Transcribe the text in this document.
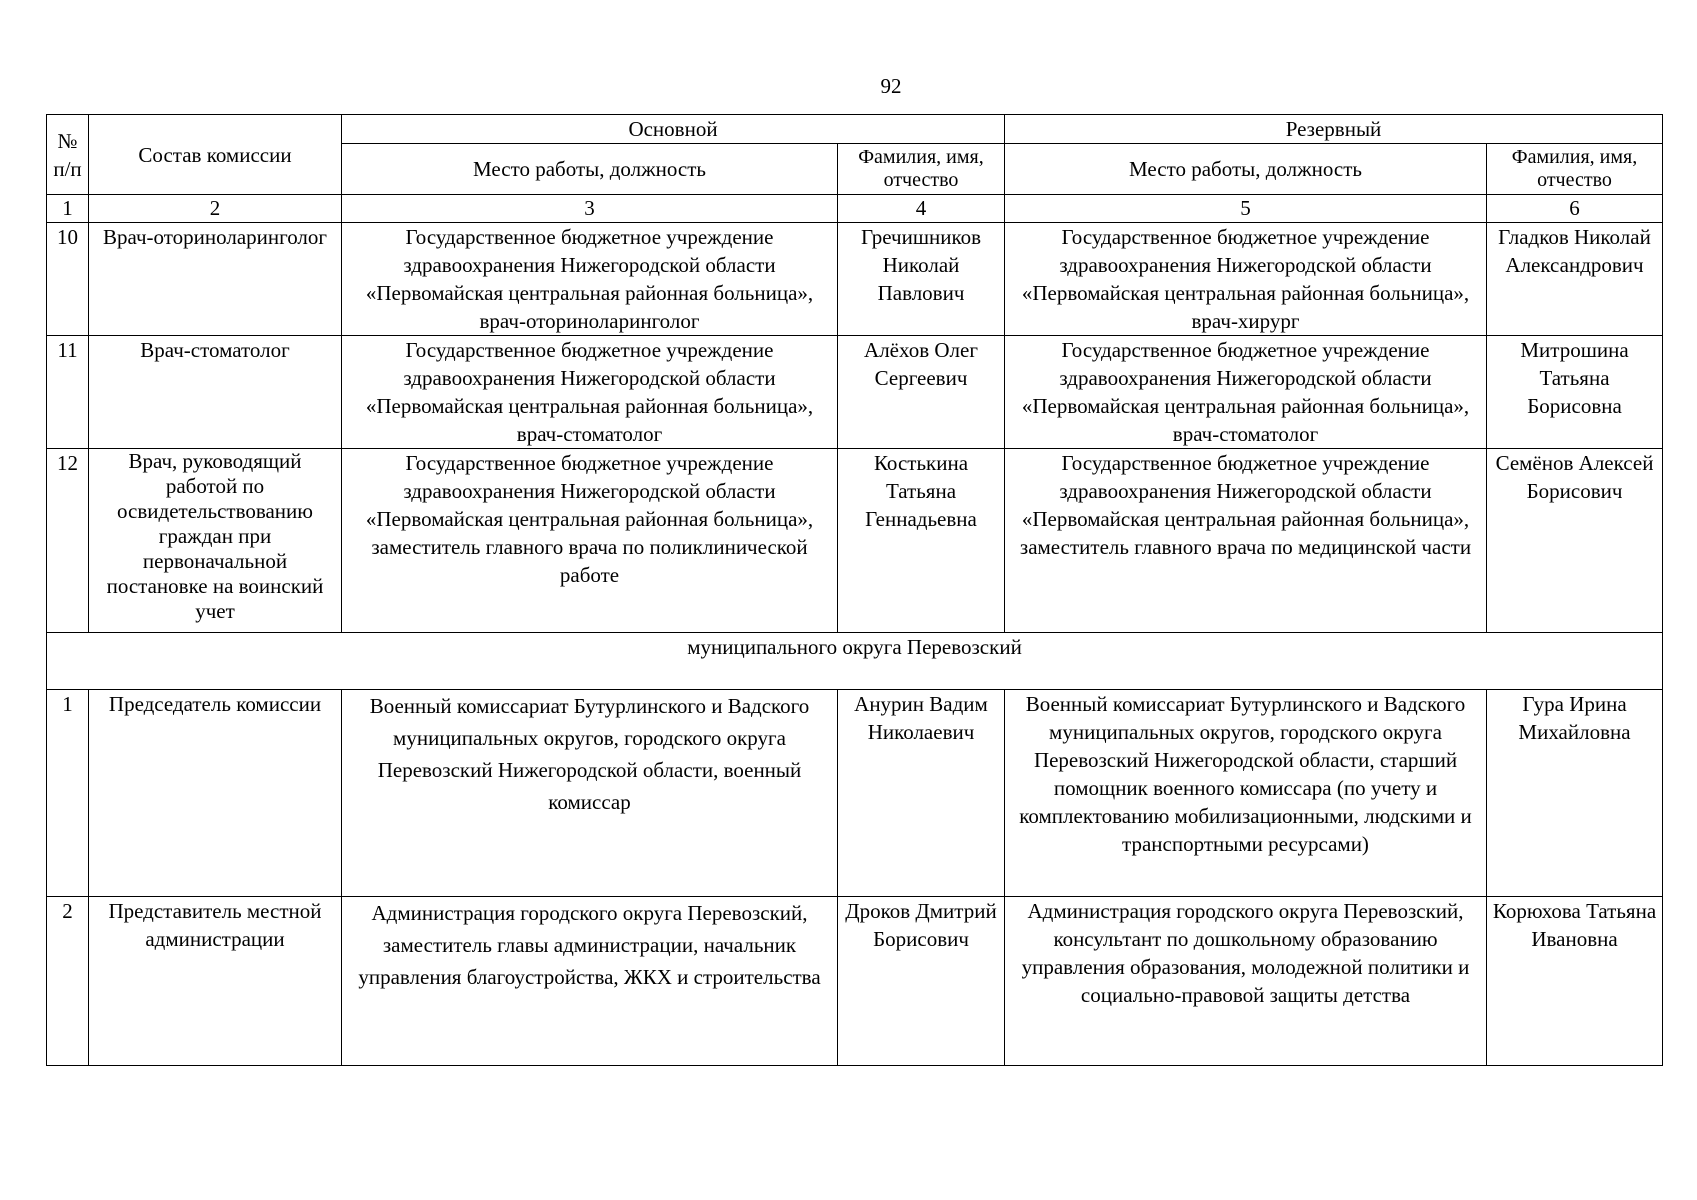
92
№ п/п	Состав комиссии	Основной		Резервный	
		Место работы, должность	Фамилия, имя, отчество	Место работы, должность	Фамилия, имя, отчество

1	2	3	4	5	6
10	Врач-оториноларинголог	Государственное бюджетное учреждение здравоохранения Нижегородской области «Первомайская центральная районная больница», врач-оториноларинголог	Гречишников Николай Павлович	Государственное бюджетное учреждение здравоохранения Нижегородской области «Первомайская центральная районная больница», врач-хирург	Гладков Николай Александрович
11	Врач-стоматолог	Государственное бюджетное учреждение здравоохранения Нижегородской области «Первомайская центральная районная больница», врач-стоматолог	Алёхов Олег Сергеевич	Государственное бюджетное учреждение здравоохранения Нижегородской области «Первомайская центральная районная больница», врач-стоматолог	Митрошина Татьяна Борисовна
12	Врач, руководящий работой по освидетельствованию граждан при первоначальной постановке на воинский учет	Государственное бюджетное учреждение здравоохранения Нижегородской области «Первомайская центральная районная больница», заместитель главного врача по поликлинической работе	Костькина Татьяна Геннадьевна	Государственное бюджетное учреждение здравоохранения Нижегородской области «Первомайская центральная районная больница», заместитель главного врача по медицинской части	Семёнов Алексей Борисович
муниципального округа Перевозский					
1	Председатель комиссии	Военный комиссариат Бутурлинского и Вадского муниципальных округов, городского округа Перевозский Нижегородской области, военный комиссар	Анурин Вадим Николаевич	Военный комиссариат Бутурлинского и Вадского муниципальных округов, городского округа Перевозский Нижегородской области, старший помощник военного комиссара (по учету и комплектованию мобилизационными, людскими и транспортными ресурсами)	Гура Ирина Михайловна
2	Представитель местной администрации	Администрация городского округа Перевозский, заместитель главы администрации, начальник управления благоустройства, ЖКХ и строительства	Дроков Дмитрий Борисович	Администрация городского округа Перевозский, консультант по дошкольному образованию управления образования, молодежной политики и социально-правовой защиты детства	Корюхова Татьяна Ивановна
